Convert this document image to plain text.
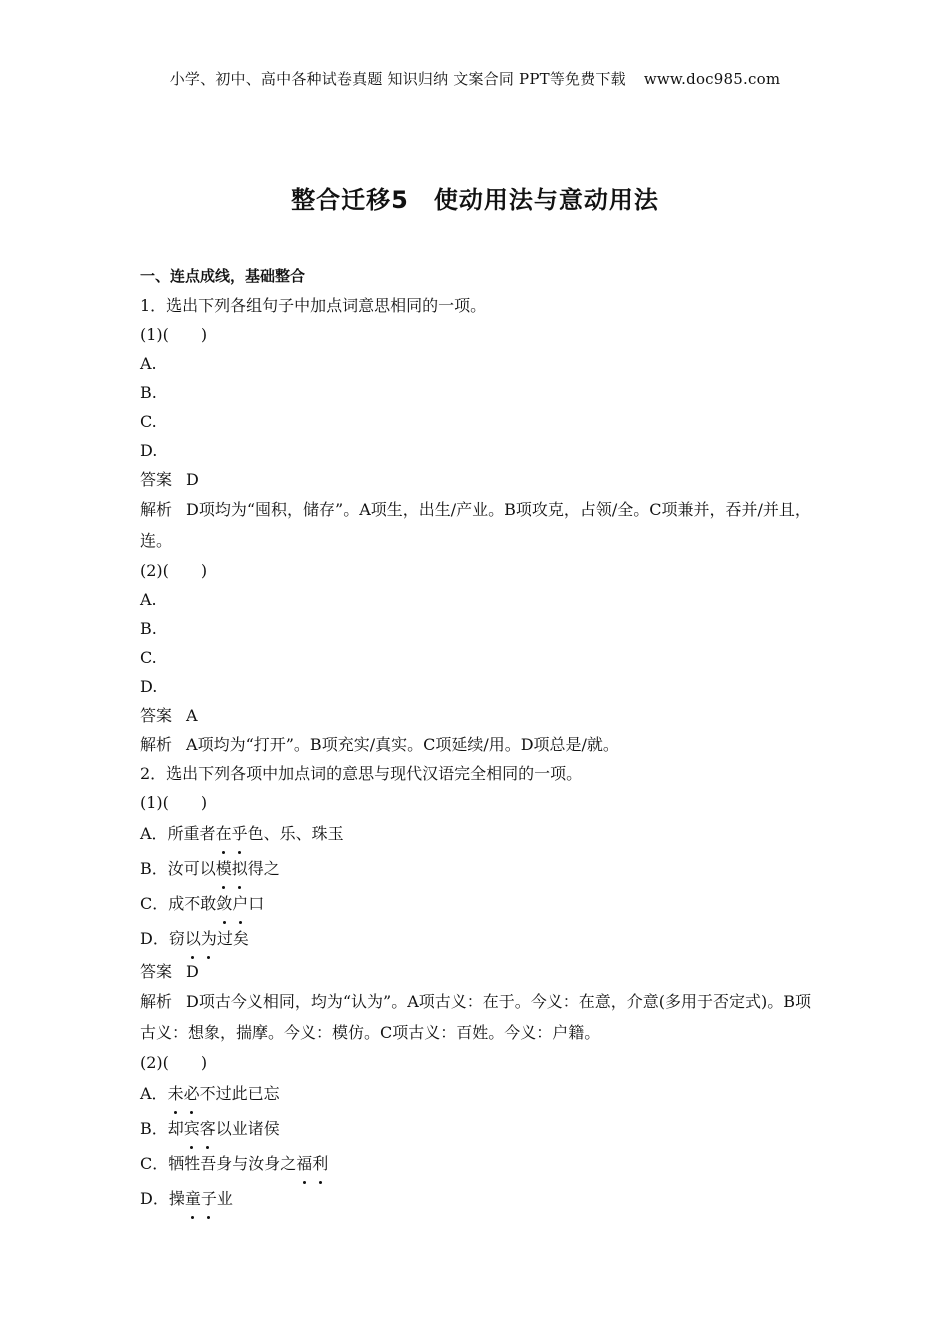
小学、初中、高中各种试卷真题 知识归纳 文案合同 PPT等免费下载 www.doc985.com
整合迁移5　使动用法与意动用法
一、连点成线，基础整合
1．选出下列各组句子中加点词意思相同的一项。
(1)(　　)
A.
B.
C.
D.
答案 D
解析 D项均为“囤积，储存”。A项生，出生/产业。B项攻克，占领/全。C项兼并，吞并/并且，连。
(2)(　　)
A.
B.
C.
D.
答案 A
解析 A项均为“打开”。B项充实/真实。C项延续/用。D项总是/就。
2．选出下列各项中加点词的意思与现代汉语完全相同的一项。
(1)(　　)
A．所重者在乎色、乐、珠玉
B．汝可以模拟得之
C．成不敢敛户口
D．窃以为过矣
答案 D
解析 D项古今义相同，均为“认为”。A项古义：在于。今义：在意，介意(多用于否定式)。B项古义：想象，揣摩。今义：模仿。C项古义：百姓。今义：户籍。
(2)(　　)
A．未必不过此已忘
B．却宾客以业诸侯
C．牺牲吾身与汝身之福利
D．操童子业
